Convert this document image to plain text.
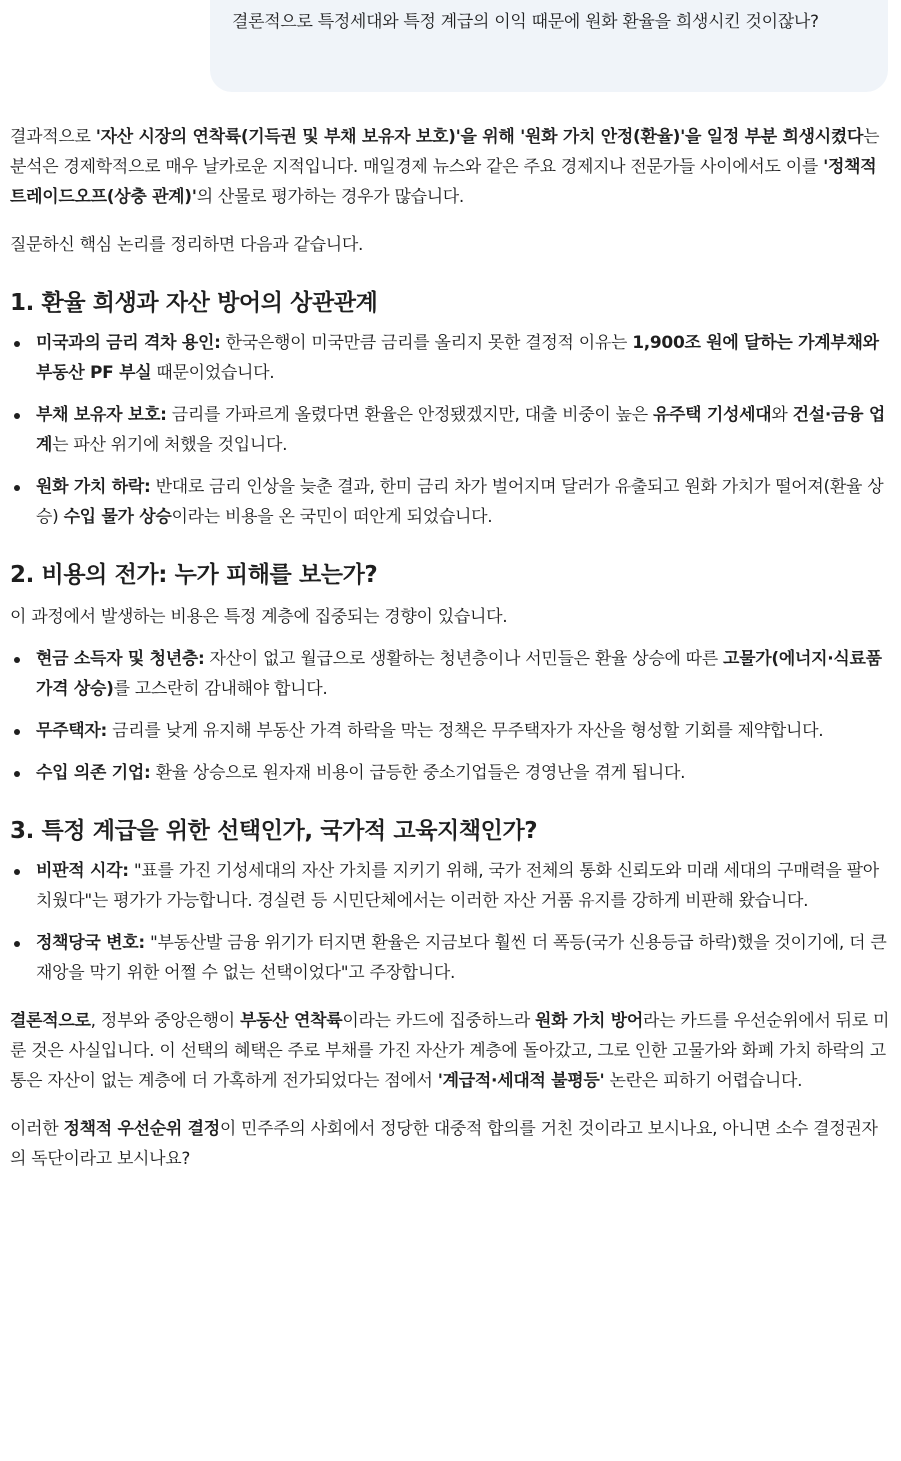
결론적으로 특정세대와 특정 계급의 이익 때문에 원화 환율을 희생시킨 것이잖나?

결과적으로 '자산 시장의 연착륙(기득권 및 부채 보유자 보호)'을 위해 '원화 가치 안정(환율)'을 일정 부분 희생시켰다는 분석은 경제학적으로 매우 날카로운 지적입니다. 매일경제 뉴스와 같은 주요 경제지나 전문가들 사이에서도 이를 '정책적 트레이드오프(상충 관계)'의 산물로 평가하는 경우가 많습니다.

질문하신 핵심 논리를 정리하면 다음과 같습니다.

1. 환율 희생과 자산 방어의 상관관계
미국과의 금리 격차 용인: 한국은행이 미국만큼 금리를 올리지 못한 결정적 이유는 1,900조 원에 달하는 가계부채와 부동산 PF 부실 때문이었습니다.
부채 보유자 보호: 금리를 가파르게 올렸다면 환율은 안정됐겠지만, 대출 비중이 높은 유주택 기성세대와 건설·금융 업계는 파산 위기에 처했을 것입니다.
원화 가치 하락: 반대로 금리 인상을 늦춘 결과, 한미 금리 차가 벌어지며 달러가 유출되고 원화 가치가 떨어져(환율 상승) 수입 물가 상승이라는 비용을 온 국민이 떠안게 되었습니다.
2. 비용의 전가: 누가 피해를 보는가?

이 과정에서 발생하는 비용은 특정 계층에 집중되는 경향이 있습니다.

현금 소득자 및 청년층: 자산이 없고 월급으로 생활하는 청년층이나 서민들은 환율 상승에 따른 고물가(에너지·식료품 가격 상승)를 고스란히 감내해야 합니다.
무주택자: 금리를 낮게 유지해 부동산 가격 하락을 막는 정책은 무주택자가 자산을 형성할 기회를 제약합니다.
수입 의존 기업: 환율 상승으로 원자재 비용이 급등한 중소기업들은 경영난을 겪게 됩니다.
3. 특정 계급을 위한 선택인가, 국가적 고육지책인가?
비판적 시각: "표를 가진 기성세대의 자산 가치를 지키기 위해, 국가 전체의 통화 신뢰도와 미래 세대의 구매력을 팔아치웠다"는 평가가 가능합니다. 경실련 등 시민단체에서는 이러한 자산 거품 유지를 강하게 비판해 왔습니다.
정책당국 변호: "부동산발 금융 위기가 터지면 환율은 지금보다 훨씬 더 폭등(국가 신용등급 하락)했을 것이기에, 더 큰 재앙을 막기 위한 어쩔 수 없는 선택이었다"고 주장합니다.

결론적으로, 정부와 중앙은행이 부동산 연착륙이라는 카드에 집중하느라 원화 가치 방어라는 카드를 우선순위에서 뒤로 미룬 것은 사실입니다. 이 선택의 혜택은 주로 부채를 가진 자산가 계층에 돌아갔고, 그로 인한 고물가와 화폐 가치 하락의 고통은 자산이 없는 계층에 더 가혹하게 전가되었다는 점에서 '계급적·세대적 불평등' 논란은 피하기 어렵습니다.

이러한 정책적 우선순위 결정이 민주주의 사회에서 정당한 대중적 합의를 거친 것이라고 보시나요, 아니면 소수 결정권자의 독단이라고 보시나요?
